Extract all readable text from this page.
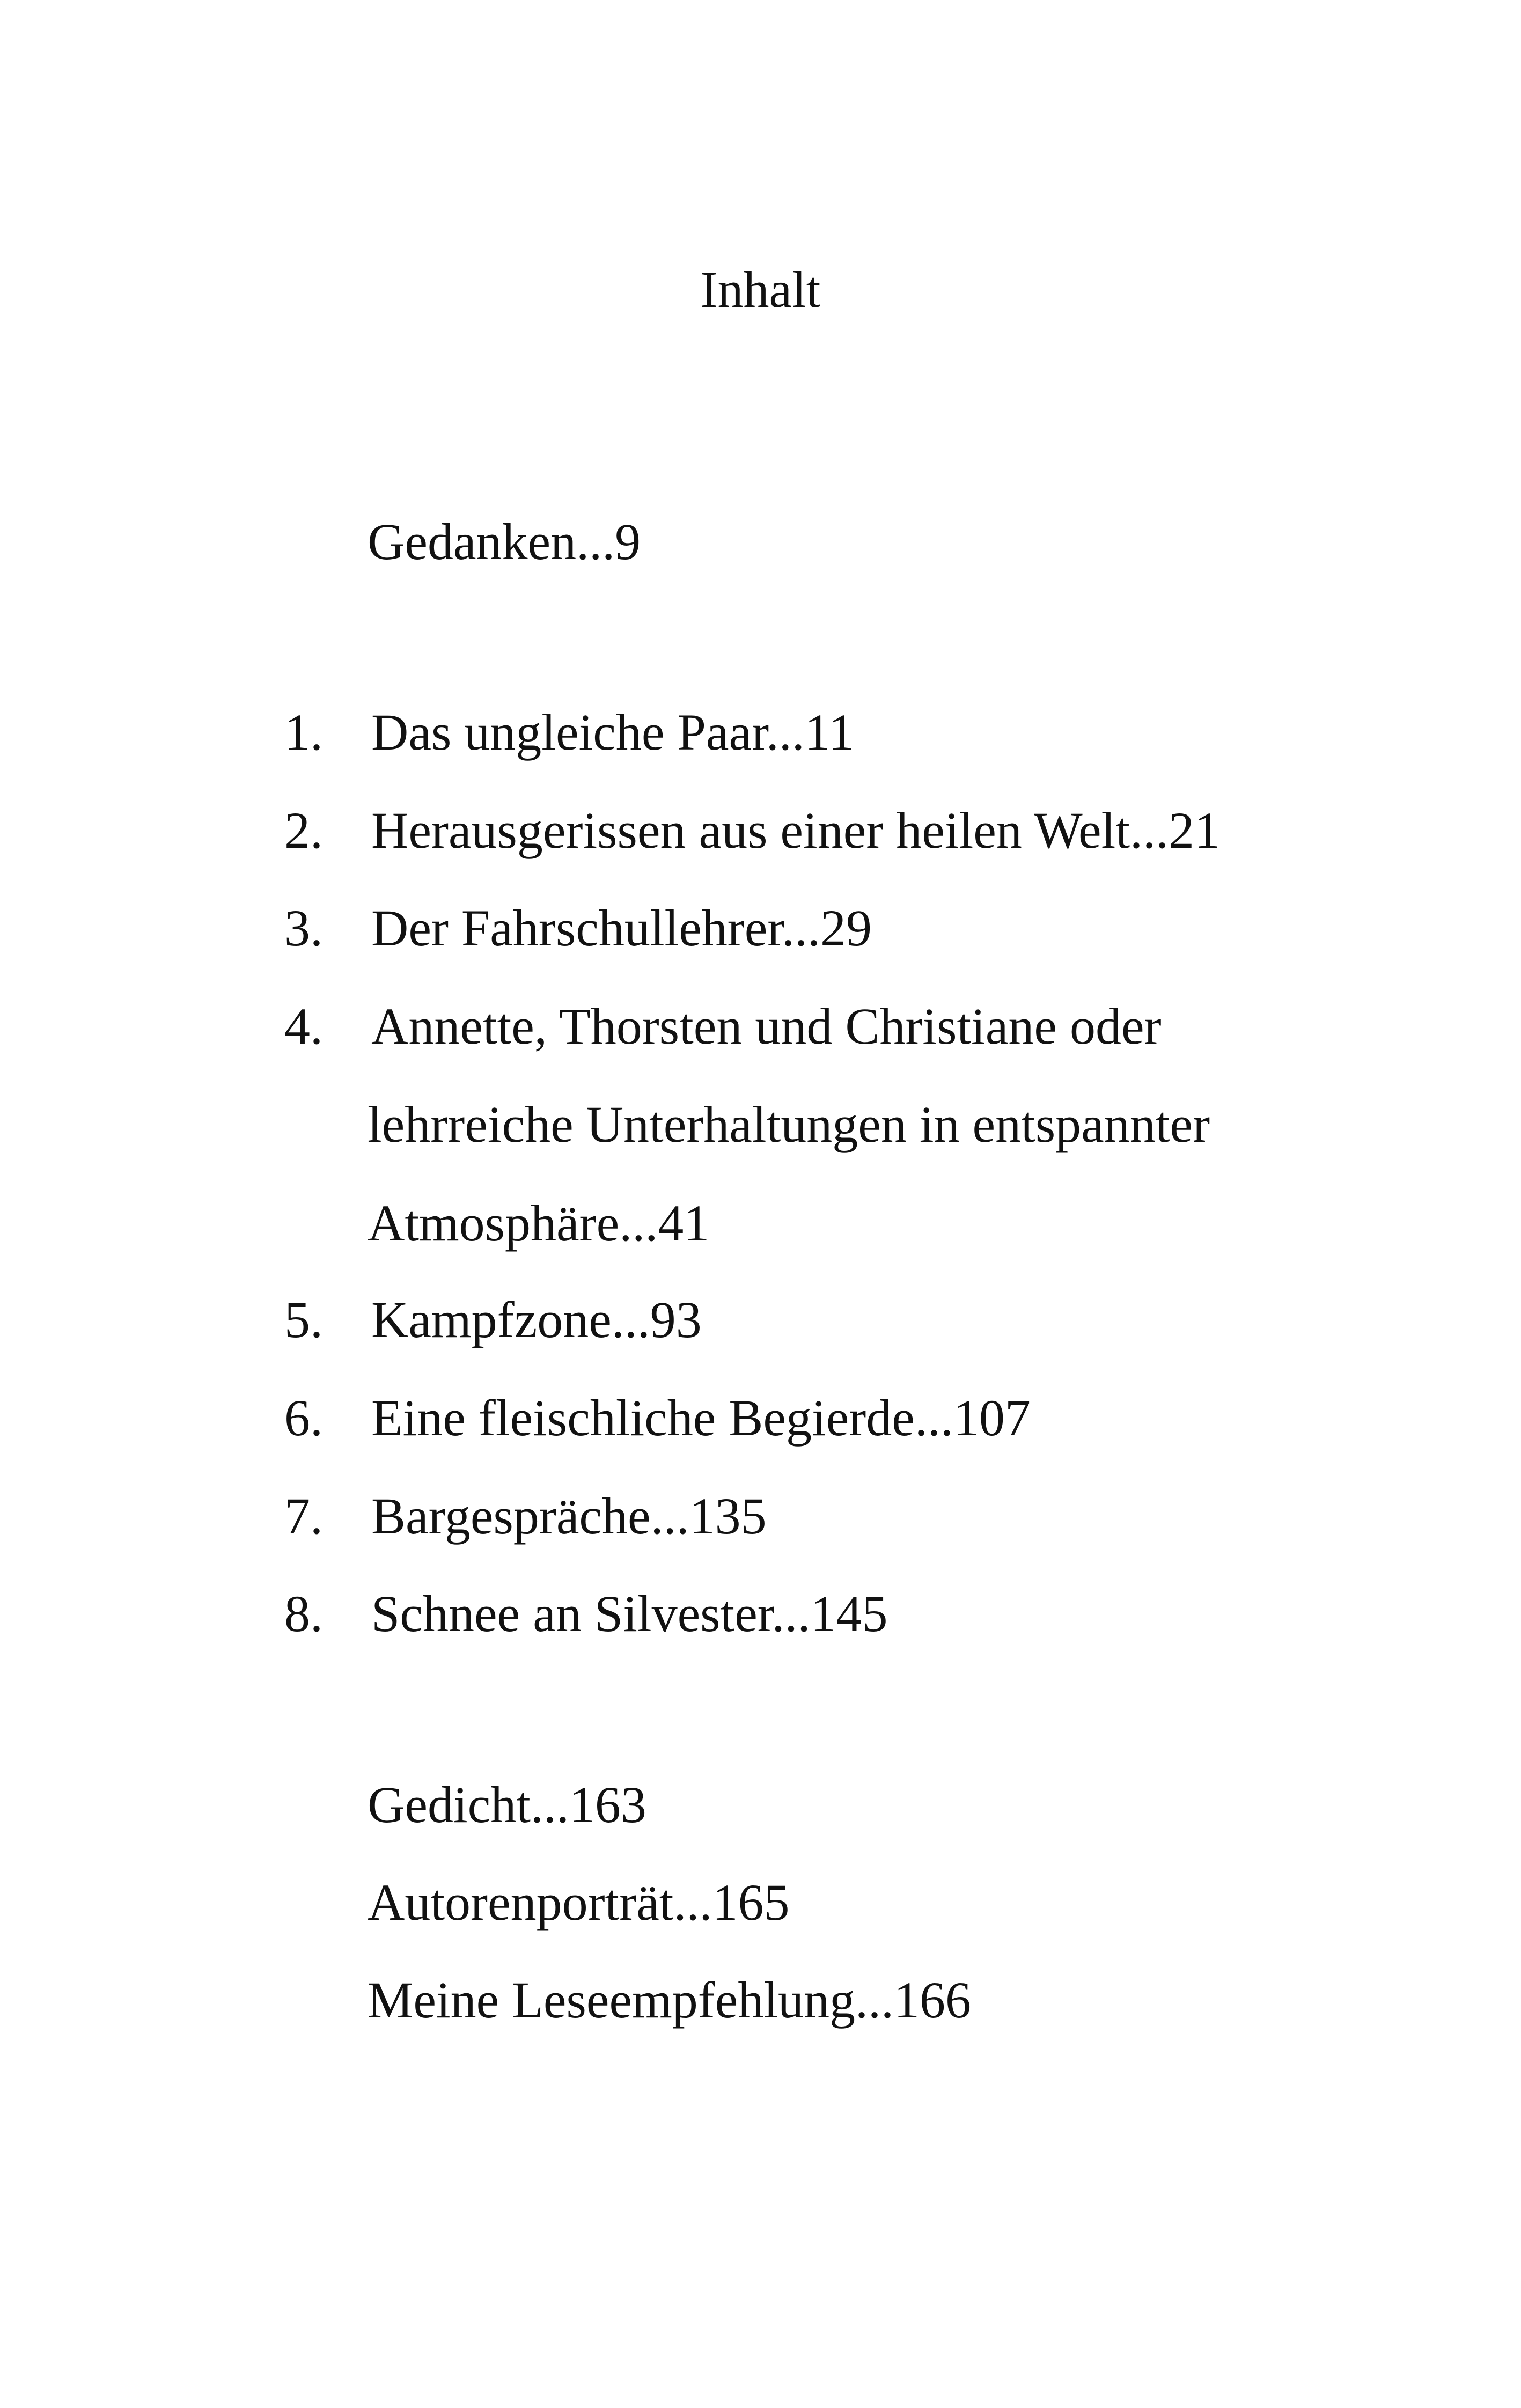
Inhalt
Gedanken...9
1. Das ungleiche Paar...11
2. Herausgerissen aus einer heilen Welt...21
3. Der Fahrschullehrer...29
4. Annette, Thorsten und Christiane oder
lehrreiche Unterhaltungen in entspannter
Atmosphäre...41
5. Kampfzone...93
6. Eine fleischliche Begierde...107
7. Bargespräche...135
8. Schnee an Silvester...145
Gedicht...163
Autorenporträt...165
Meine Leseempfehlung...166
